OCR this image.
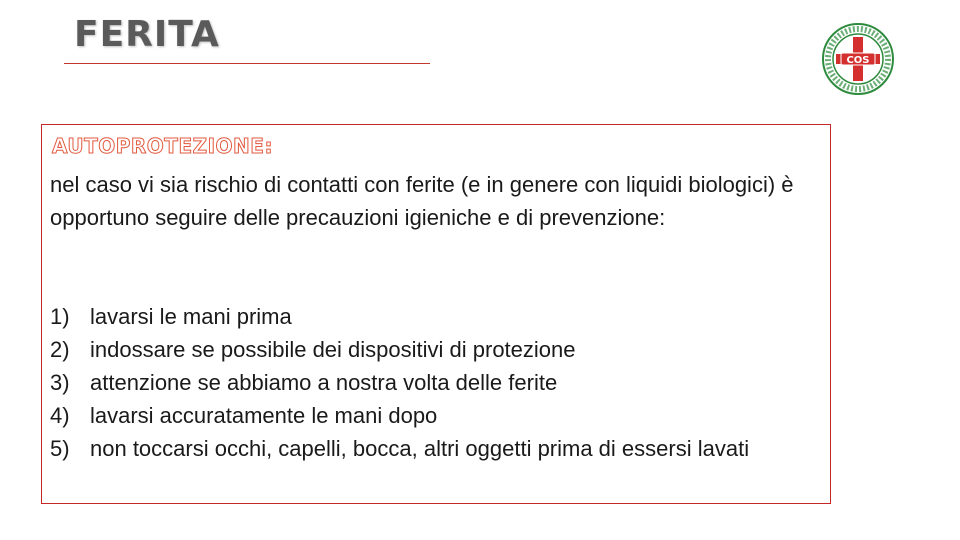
FERITA
COS
AUTOPROTEZIONE:
nel caso vi sia rischio di contatti con ferite (e in genere con liquidi biologici) è opportuno seguire delle precauzioni igieniche e di prevenzione:
1) lavarsi le mani prima
2) indossare se possibile dei dispositivi di protezione
3) attenzione se abbiamo a nostra volta delle ferite
4) lavarsi accuratamente le mani dopo
5) non toccarsi occhi, capelli, bocca, altri oggetti prima di essersi lavati
